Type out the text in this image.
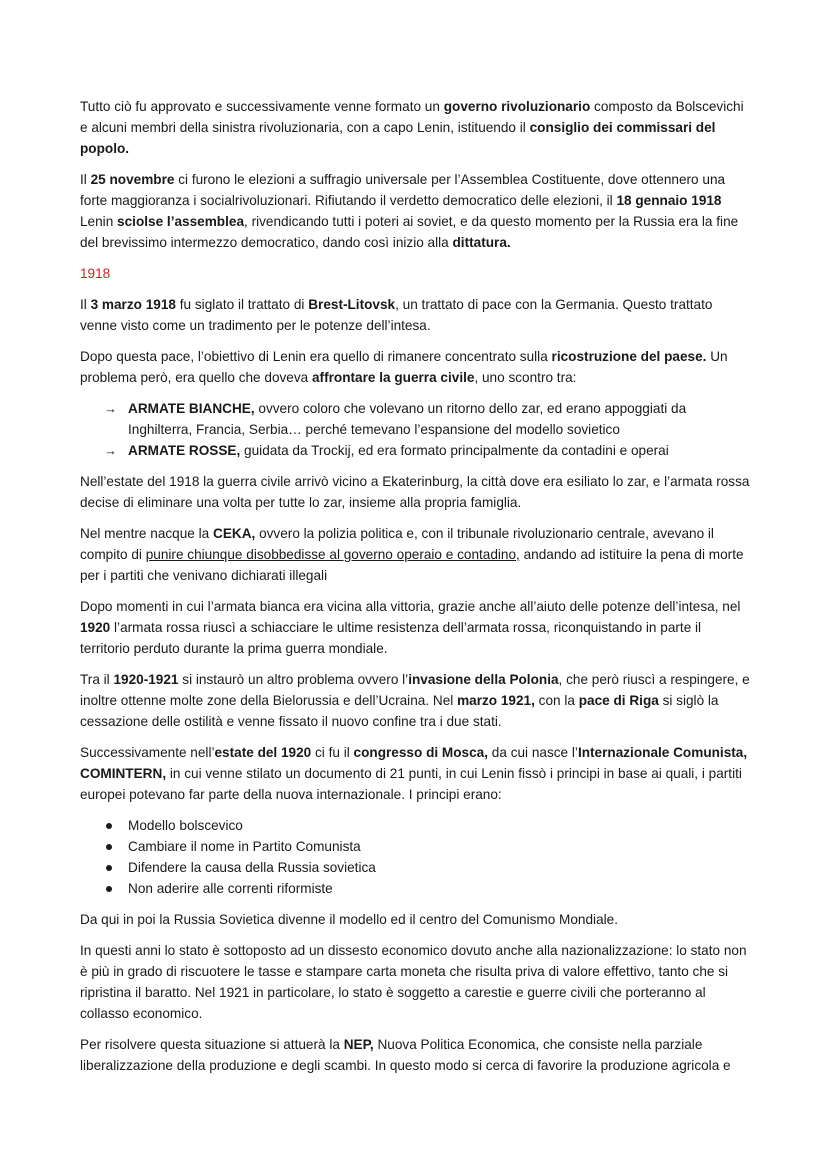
Tutto ciò fu approvato e successivamente venne formato un governo rivoluzionario composto da Bolscevichi e alcuni membri della sinistra rivoluzionaria, con a capo Lenin, istituendo il consiglio dei commissari del popolo.

Il 25 novembre ci furono le elezioni a suffragio universale per l’Assemblea Costituente, dove ottennero una forte maggioranza i socialrivoluzionari. Rifiutando il verdetto democratico delle elezioni, il 18 gennaio 1918 Lenin sciolse l’assemblea, rivendicando tutti i poteri ai soviet, e da questo momento per la Russia era la fine del brevissimo intermezzo democratico, dando così inizio alla dittatura.

1918

Il 3 marzo 1918 fu siglato il trattato di Brest-Litovsk, un trattato di pace con la Germania. Questo trattato venne visto come un tradimento per le potenze dell’intesa.

Dopo questa pace, l’obiettivo di Lenin era quello di rimanere concentrato sulla ricostruzione del paese. Un problema però, era quello che doveva affrontare la guerra civile, uno scontro tra:

→ ARMATE BIANCHE, ovvero coloro che volevano un ritorno dello zar, ed erano appoggiati da Inghilterra, Francia, Serbia… perché temevano l’espansione del modello sovietico
→ ARMATE ROSSE, guidata da Trockij, ed era formato principalmente da contadini e operai

Nell’estate del 1918 la guerra civile arrivò vicino a Ekaterinburg, la città dove era esiliato lo zar, e l’armata rossa decise di eliminare una volta per tutte lo zar, insieme alla propria famiglia.

Nel mentre nacque la CEKA, ovvero la polizia politica e, con il tribunale rivoluzionario centrale, avevano il compito di punire chiunque disobbedisse al governo operaio e contadino, andando ad istituire la pena di morte per i partiti che venivano dichiarati illegali

Dopo momenti in cui l’armata bianca era vicina alla vittoria, grazie anche all’aiuto delle potenze dell’intesa, nel 1920 l’armata rossa riuscì a schiacciare le ultime resistenza dell’armata rossa, riconquistando in parte il territorio perduto durante la prima guerra mondiale.

Tra il 1920-1921 si instaurò un altro problema ovvero l’invasione della Polonia, che però riuscì a respingere, e inoltre ottenne molte zone della Bielorussia e dell’Ucraina. Nel marzo 1921, con la pace di Riga si siglò la cessazione delle ostilità e venne fissato il nuovo confine tra i due stati.

Successivamente nell’estate del 1920 ci fu il congresso di Mosca, da cui nasce l’Internazionale Comunista, COMINTERN, in cui venne stilato un documento di 21 punti, in cui Lenin fissò i principi in base ai quali, i partiti europei potevano far parte della nuova internazionale. I principi erano:

Modello bolscevico
Cambiare il nome in Partito Comunista
Difendere la causa della Russia sovietica
Non aderire alle correnti riformiste

Da qui in poi la Russia Sovietica divenne il modello ed il centro del Comunismo Mondiale.

In questi anni lo stato è sottoposto ad un dissesto economico dovuto anche alla nazionalizzazione: lo stato non è più in grado di riscuotere le tasse e stampare carta moneta che risulta priva di valore effettivo, tanto che si ripristina il baratto. Nel 1921 in particolare, lo stato è soggetto a carestie e guerre civili che porteranno al collasso economico.

Per risolvere questa situazione si attuerà la NEP, Nuova Politica Economica, che consiste nella parziale liberalizzazione della produzione e degli scambi. In questo modo si cerca di favorire la produzione agricola e
